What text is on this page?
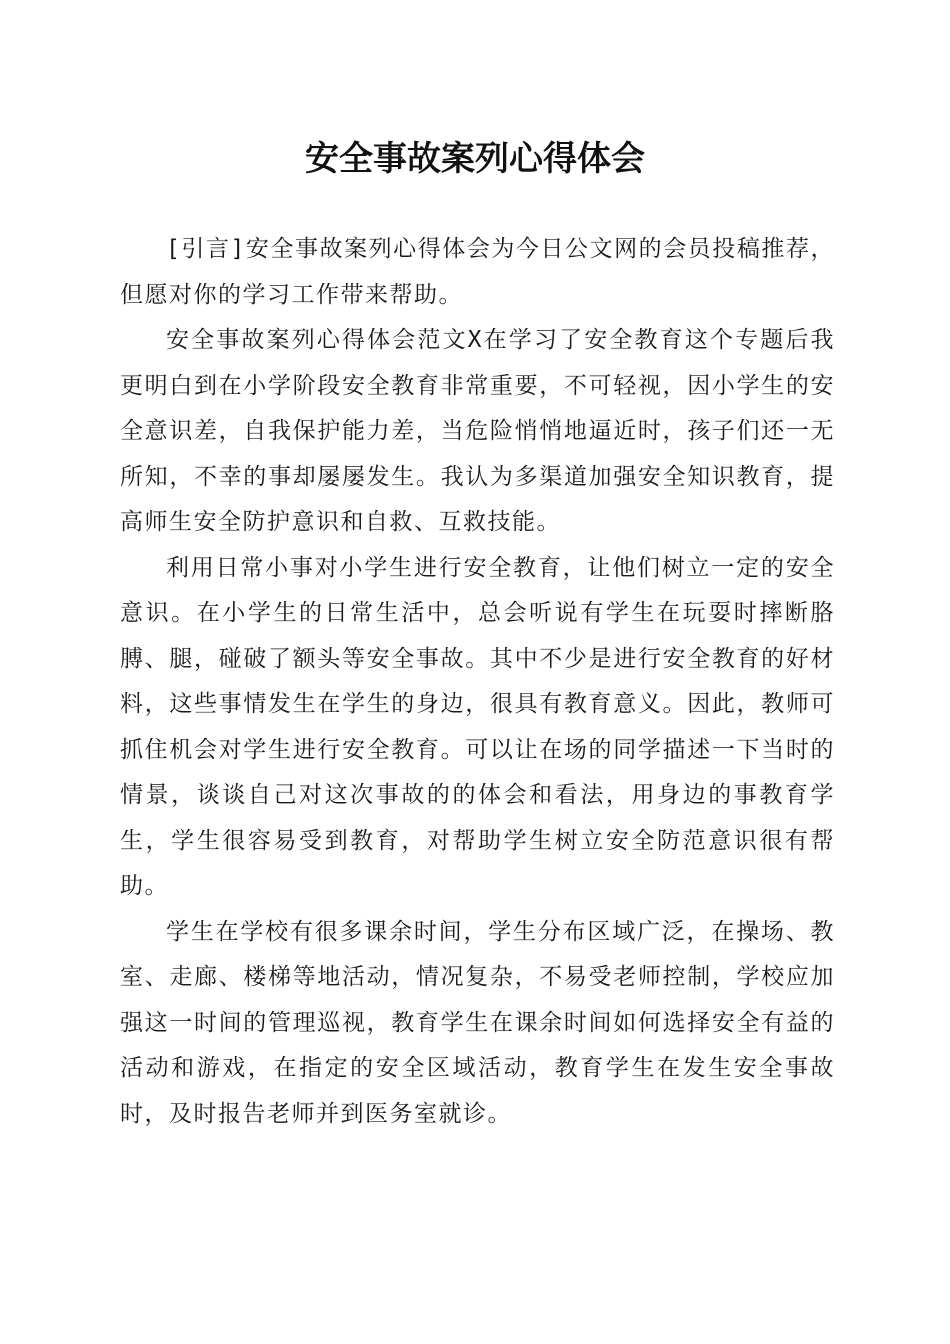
安全事故案列心得体会

[引言]安全事故案列心得体会为今日公文网的会员投稿推荐，但愿对你的学习工作带来帮助。

安全事故案列心得体会范文X在学习了安全教育这个专题后我更明白到在小学阶段安全教育非常重要，不可轻视，因小学生的安全意识差，自我保护能力差，当危险悄悄地逼近时，孩子们还一无所知，不幸的事却屡屡发生。我认为多渠道加强安全知识教育，提高师生安全防护意识和自救、互救技能。

利用日常小事对小学生进行安全教育，让他们树立一定的安全意识。在小学生的日常生活中，总会听说有学生在玩耍时摔断胳膊、腿，碰破了额头等安全事故。其中不少是进行安全教育的好材料，这些事情发生在学生的身边，很具有教育意义。因此，教师可抓住机会对学生进行安全教育。可以让在场的同学描述一下当时的情景，谈谈自己对这次事故的的体会和看法，用身边的事教育学生，学生很容易受到教育，对帮助学生树立安全防范意识很有帮助。

学生在学校有很多课余时间，学生分布区域广泛，在操场、教室、走廊、楼梯等地活动，情况复杂，不易受老师控制，学校应加强这一时间的管理巡视，教育学生在课余时间如何选择安全有益的活动和游戏，在指定的安全区域活动，教育学生在发生安全事故时，及时报告老师并到医务室就诊。
